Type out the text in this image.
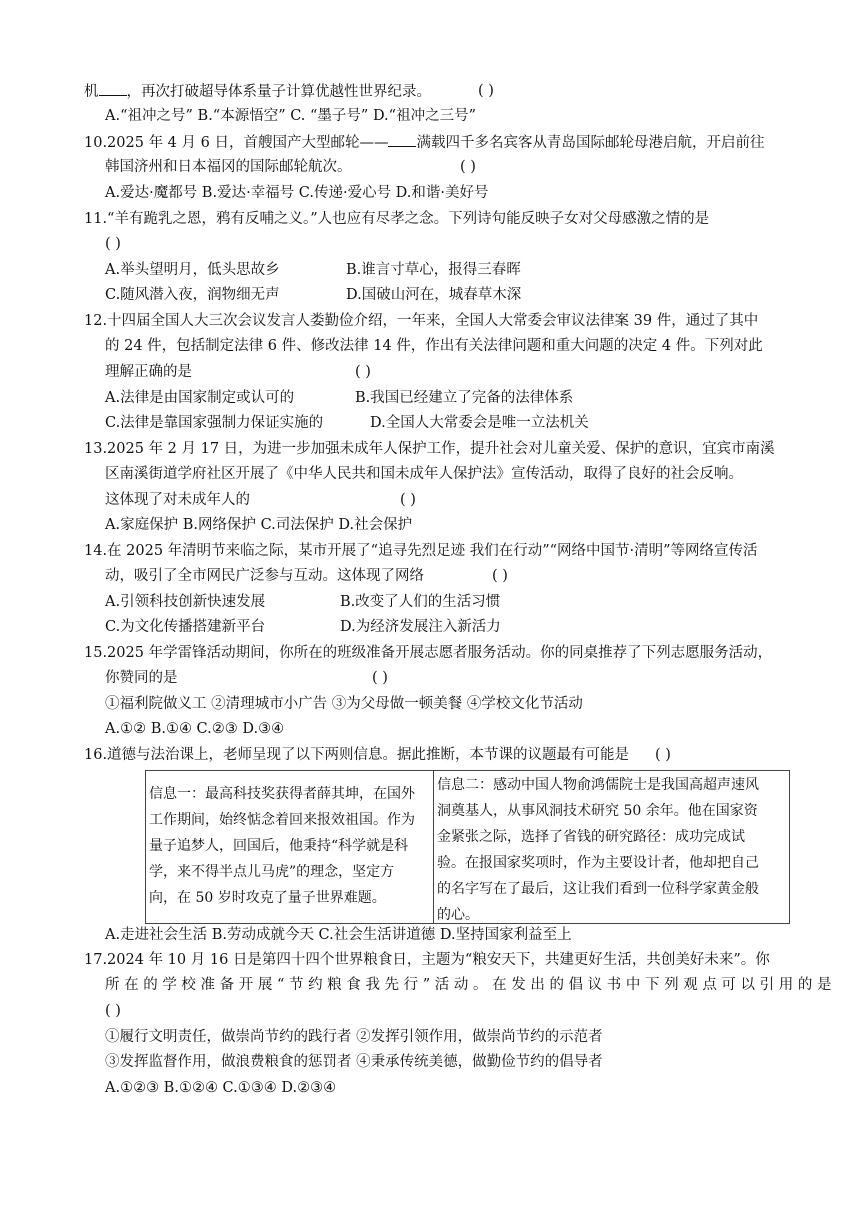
机 ，再次打破超导体系量子计算优越性世界纪录。	( )
A.“祖冲之号” B.“本源悟空” C. “墨子号” D.“祖冲之三号”
10.2025 年 4 月 6 日，首艘国产大型邮轮—— 满载四千多名宾客从青岛国际邮轮母港启航，开启前往
韩国济州和日本福冈的国际邮轮航次。	( )
A.爱达·魔都号 B.爱达·幸福号 C.传递·爱心号 D.和谐·美好号
11.“羊有跪乳之恩，鸦有反哺之义。”人也应有尽孝之念。下列诗句能反映子女对父母感激之情的是
( )
A.举头望明月，低头思故乡	B.谁言寸草心，报得三春晖
C.随风潜入夜，润物细无声	D.国破山河在，城春草木深
12.十四届全国人大三次会议发言人娄勤俭介绍，一年来，全国人大常委会审议法律案 39 件，通过了其中
的 24 件，包括制定法律 6 件、修改法律 14 件，作出有关法律问题和重大问题的决定 4 件。下列对此
理解正确的是	( )
A.法律是由国家制定或认可的	B.我国已经建立了完备的法律体系
C.法律是靠国家强制力保证实施的	D.全国人大常委会是唯一立法机关
13.2025 年 2 月 17 日，为进一步加强未成年人保护工作，提升社会对儿童关爱、保护的意识，宜宾市南溪
区南溪街道学府社区开展了《中华人民共和国未成年人保护法》宣传活动，取得了良好的社会反响。
这体现了对未成年人的	( )
A.家庭保护 B.网络保护 C.司法保护 D.社会保护
14.在 2025 年清明节来临之际，某市开展了“追寻先烈足迹 我们在行动”“网络中国节·清明”等网络宣传活
动，吸引了全市网民广泛参与互动。这体现了网络	( )
A.引领科技创新快速发展	B.改变了人们的生活习惯
C.为文化传播搭建新平台	D.为经济发展注入新活力
15.2025 年学雷锋活动期间，你所在的班级准备开展志愿者服务活动。你的同桌推荐了下列志愿服务活动，
你赞同的是	( )
①福利院做义工 ②清理城市小广告 ③为父母做一顿美餐 ④学校文化节活动
A.①② B.①④ C.②③ D.③④
16.道德与法治课上，老师呈现了以下两则信息。据此推断，本节课的议题最有可能是 ( )
信息一：最高科技奖获得者薛其坤，在国外
工作期间，始终惦念着回来报效祖国。作为
量子追梦人，回国后，他秉持“科学就是科
学，来不得半点儿马虎”的理念，坚定方
向，在 50 岁时攻克了量子世界难题。
信息二：感动中国人物俞鸿儒院士是我国高超声速风
洞奠基人，从事风洞技术研究 50 余年。他在国家资
金紧张之际，选择了省钱的研究路径：成功完成试
验。在报国家奖项时，作为主要设计者，他却把自己
的名字写在了最后，这让我们看到一位科学家黄金般
的心。
A.走进社会生活 B.劳动成就今天 C.社会生活讲道德 D.坚持国家利益至上
17.2024 年 10 月 16 日是第四十四个世界粮食日，主题为“粮安天下，共建更好生活，共创美好未来”。你
所 在 的 学 校 准 备 开 展 “ 节 约 粮 食 我 先 行 ” 活 动 。 在 发 出 的 倡 议 书 中 下 列 观 点 可 以 引 用 的 是
( )
①履行文明责任，做崇尚节约的践行者 ②发挥引领作用，做崇尚节约的示范者
③发挥监督作用，做浪费粮食的惩罚者 ④秉承传统美德，做勤俭节约的倡导者
A.①②③ B.①②④ C.①③④ D.②③④
